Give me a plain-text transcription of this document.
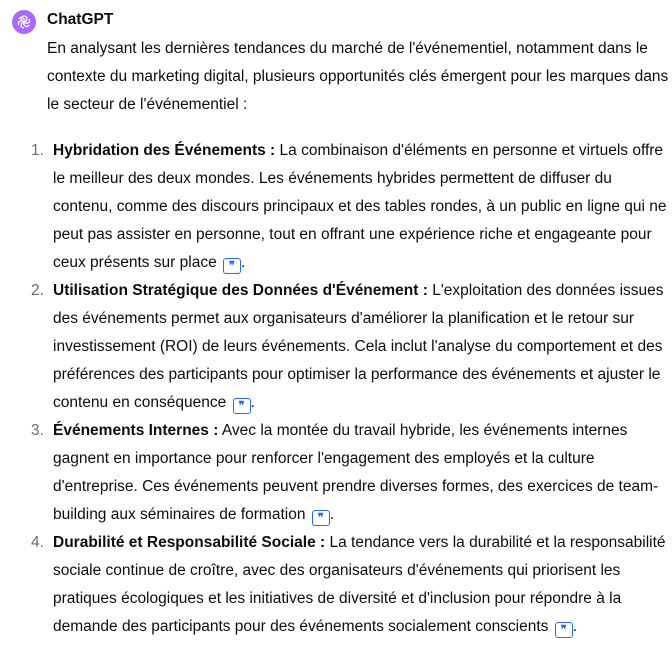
ChatGPT

En analysant les dernières tendances du marché de l'événementiel, notamment dans le contexte du marketing digital, plusieurs opportunités clés émergent pour les marques dans le secteur de l'événementiel :

1. Hybridation des Événements : La combinaison d'éléments en personne et virtuels offre le meilleur des deux mondes. Les événements hybrides permettent de diffuser du contenu, comme des discours principaux et des tables rondes, à un public en ligne qui ne peut pas assister en personne, tout en offrant une expérience riche et engageante pour ceux présents sur place ❞ .
2. Utilisation Stratégique des Données d'Événement : L'exploitation des données issues des événements permet aux organisateurs d'améliorer la planification et le retour sur investissement (ROI) de leurs événements. Cela inclut l'analyse du comportement et des préférences des participants pour optimiser la performance des événements et ajuster le contenu en conséquence ❞ .
3. Événements Internes : Avec la montée du travail hybride, les événements internes gagnent en importance pour renforcer l'engagement des employés et la culture d'entreprise. Ces événements peuvent prendre diverses formes, des exercices de team-building aux séminaires de formation ❞ .
4. Durabilité et Responsabilité Sociale : La tendance vers la durabilité et la responsabilité sociale continue de croître, avec des organisateurs d'événements qui priorisent les pratiques écologiques et les initiatives de diversité et d'inclusion pour répondre à la demande des participants pour des événements socialement conscients ❞ .
